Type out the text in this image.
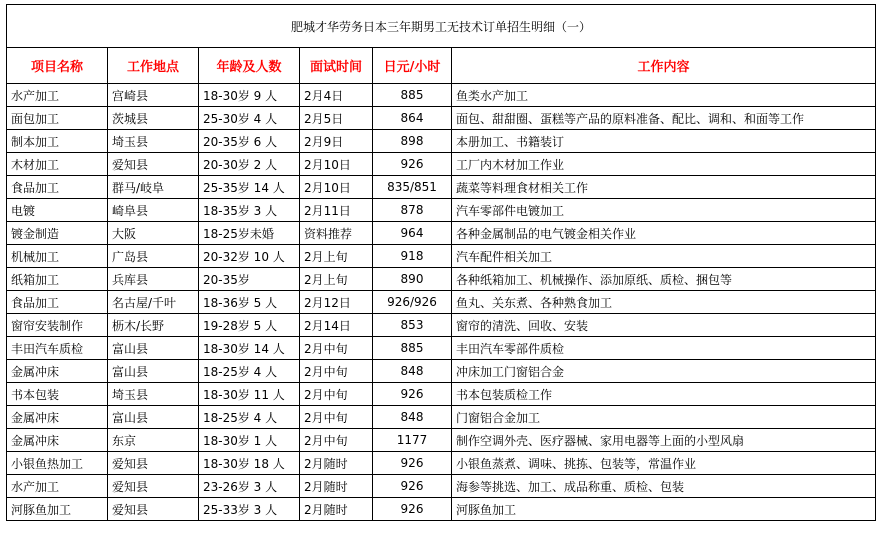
肥城才华劳务日本三年期男工无技术订单招生明细（一）					
项目名称	工作地点	年龄及人数	面试时间	日元/小时	工作内容
水产加工	宫崎县	18-30岁 9 人	2月4日	885	鱼类水产加工
面包加工	茨城县	25-30岁 4 人	2月5日	864	面包、甜甜圈、蛋糕等产品的原料准备、配比、调和、和面等工作
制本加工	埼玉县	20-35岁 6 人	2月9日	898	本册加工、书籍装订
木材加工	爱知县	20-30岁 2 人	2月10日	926	工厂内木材加工作业
食品加工	群马/岐阜	25-35岁 14 人	2月10日	835/851	蔬菜等料理食材相关工作
电镀	崎阜县	18-35岁 3 人	2月11日	878	汽车零部件电镀加工
镀金制造	大阪	18-25岁未婚	资料推荐	964	各种金属制品的电气镀金相关作业
机械加工	广岛县	20-32岁 10 人	2月上旬	918	汽车配件相关加工
纸箱加工	兵库县	20-35岁	2月上旬	890	各种纸箱加工、机械操作、添加原纸、质检、捆包等
食品加工	名古屋/千叶	18-36岁 5 人	2月12日	926/926	鱼丸、关东煮、各种熟食加工
窗帘安装制作	枥木/长野	19-28岁 5 人	2月14日	853	窗帘的清洗、回收、安装
丰田汽车质检	富山县	18-30岁 14 人	2月中旬	885	丰田汽车零部件质检
金属冲床	富山县	18-25岁 4 人	2月中旬	848	冲床加工门窗铝合金
书本包装	埼玉县	18-30岁 11 人	2月中旬	926	书本包装质检工作
金属冲床	富山县	18-25岁 4 人	2月中旬	848	门窗铝合金加工
金属冲床	东京	18-30岁 1 人	2月中旬	1177	制作空调外壳、医疗器械、家用电器等上面的小型风扇
小银鱼热加工	爱知县	18-30岁 18 人	2月随时	926	小银鱼蒸煮、调味、挑拣、包装等，常温作业
水产加工	爱知县	23-26岁 3 人	2月随时	926	海参等挑选、加工、成品称重、质检、包装
河豚鱼加工	爱知县	25-33岁 3 人	2月随时	926	河豚鱼加工
